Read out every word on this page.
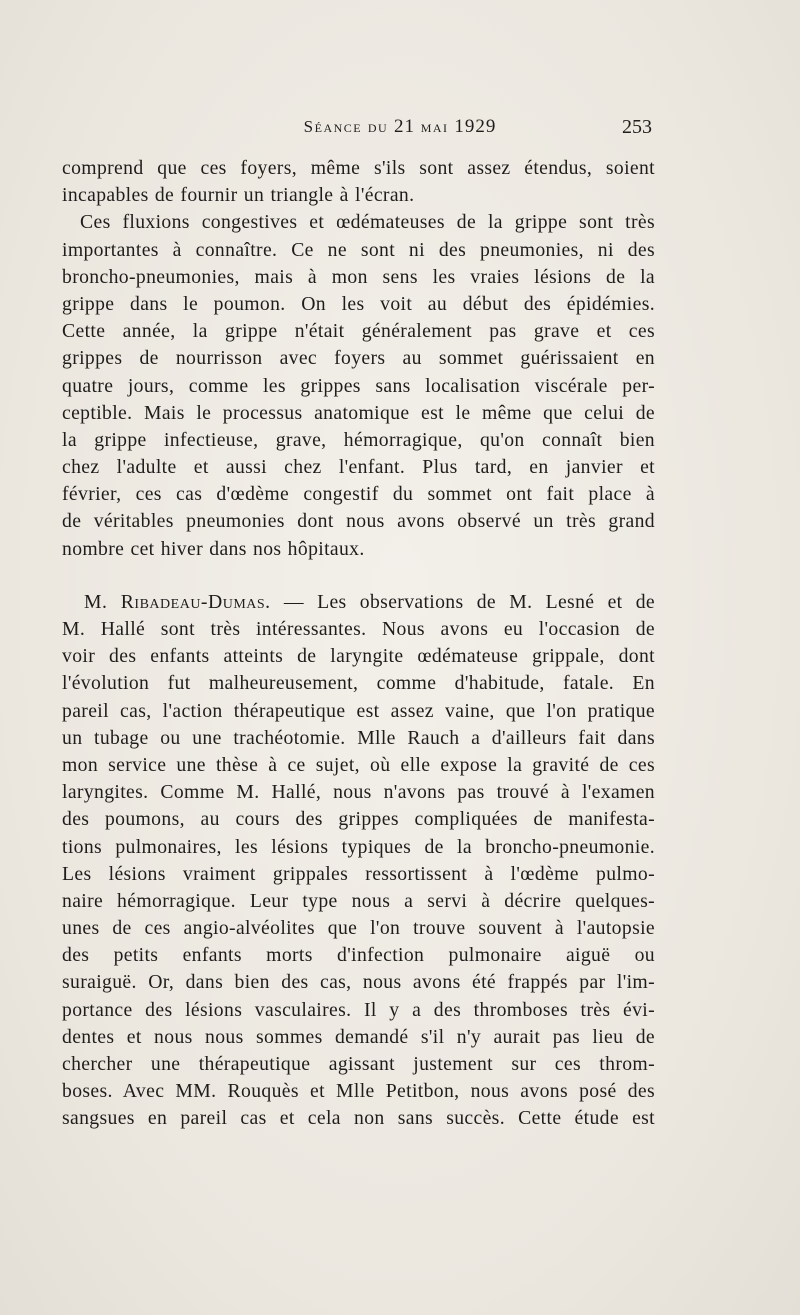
Séance du 21 mai 1929	253
comprend que ces foyers, même s'ils sont assez étendus, soient
incapables de fournir un triangle à l'écran.
Ces fluxions congestives et œdémateuses de la grippe sont très
importantes à connaître. Ce ne sont ni des pneumonies, ni des
broncho-pneumonies, mais à mon sens les vraies lésions de la
grippe dans le poumon. On les voit au début des épidémies.
Cette année, la grippe n'était généralement pas grave et ces
grippes de nourrisson avec foyers au sommet guérissaient en
quatre jours, comme les grippes sans localisation viscérale per-
ceptible. Mais le processus anatomique est le même que celui de
la grippe infectieuse, grave, hémorragique, qu'on connaît bien
chez l'adulte et aussi chez l'enfant. Plus tard, en janvier et
février, ces cas d'œdème congestif du sommet ont fait place à
de véritables pneumonies dont nous avons observé un très grand
nombre cet hiver dans nos hôpitaux.
M. Ribadeau-Dumas. — Les observations de M. Lesné et de
M. Hallé sont très intéressantes. Nous avons eu l'occasion de
voir des enfants atteints de laryngite œdémateuse grippale, dont
l'évolution fut malheureusement, comme d'habitude, fatale. En
pareil cas, l'action thérapeutique est assez vaine, que l'on pratique
un tubage ou une trachéotomie. Mlle Rauch a d'ailleurs fait dans
mon service une thèse à ce sujet, où elle expose la gravité de ces
laryngites. Comme M. Hallé, nous n'avons pas trouvé à l'examen
des poumons, au cours des grippes compliquées de manifesta-
tions pulmonaires, les lésions typiques de la broncho-pneumonie.
Les lésions vraiment grippales ressortissent à l'œdème pulmo-
naire hémorragique. Leur type nous a servi à décrire quelques-
unes de ces angio-alvéolites que l'on trouve souvent à l'autopsie
des petits enfants morts d'infection pulmonaire aiguë ou
suraiguë. Or, dans bien des cas, nous avons été frappés par l'im-
portance des lésions vasculaires. Il y a des thromboses très évi-
dentes et nous nous sommes demandé s'il n'y aurait pas lieu de
chercher une thérapeutique agissant justement sur ces throm-
boses. Avec MM. Rouquès et Mlle Petitbon, nous avons posé des
sangsues en pareil cas et cela non sans succès. Cette étude est
